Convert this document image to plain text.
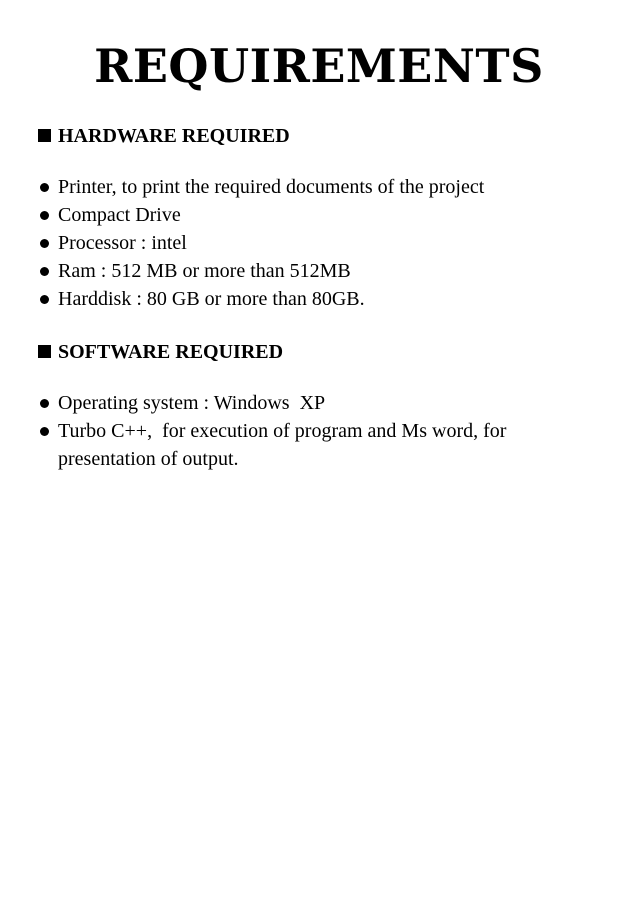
REQUIREMENTS
HARDWARE REQUIRED
Printer, to print the required documents of the project
Compact Drive
Processor : intel
Ram : 512 MB or more than 512MB
Harddisk : 80 GB or more than 80GB.
SOFTWARE REQUIRED
Operating system : Windows  XP
Turbo C++,  for execution of program and Ms word, for presentation of output.
